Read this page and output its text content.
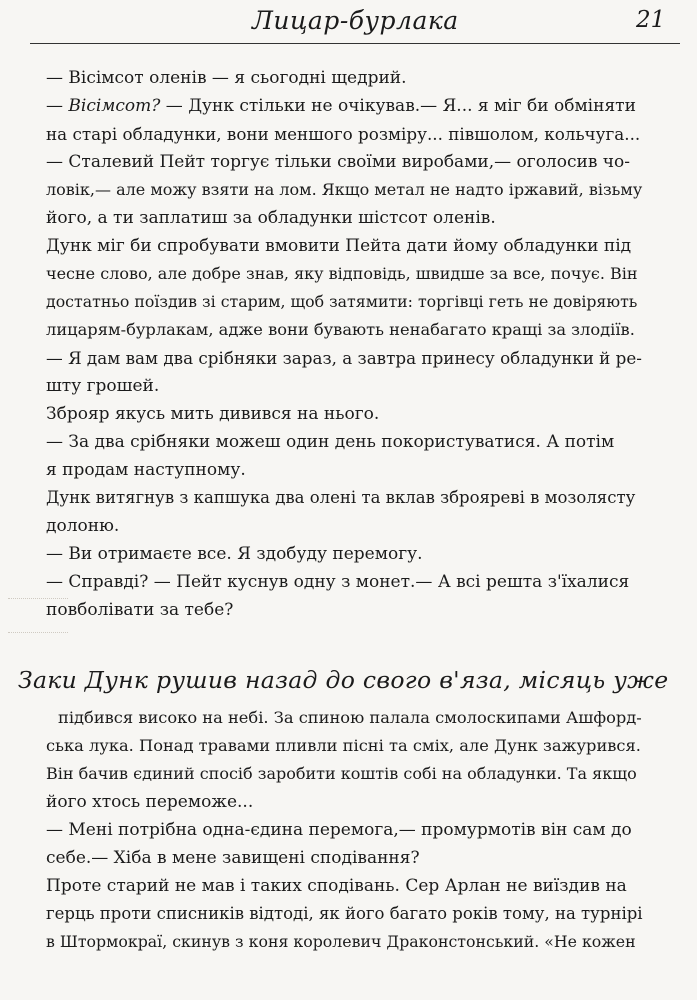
Лицар-бурлака	21
— Вісімсот оленів — я сьогодні щедрий.
— Вісімсот? — Дунк стільки не очікував.— Я... я міг би обміняти
на старі обладунки, вони меншого розміру... півшолом, кольчуга...
— Сталевий Пейт торгує тільки своїми виробами,— оголосив чо-
ловік,— але можу взяти на лом. Якщо метал не надто іржавий, візьму
його, а ти заплатиш за обладунки шістсот оленів.
Дунк міг би спробувати вмовити Пейта дати йому обладунки під
чесне слово, але добре знав, яку відповідь, швидше за все, почує. Він
достатньо поїздив зі старим, щоб затямити: торгівці геть не довіряють
лицарям-бурлакам, адже вони бувають ненабагато кращі за злодіїв.
— Я дам вам два срібняки зараз, а завтра принесу обладунки й ре-
шту грошей.
Зброяр якусь мить дивився на нього.
— За два срібняки можеш один день покористуватися. А потім
я продам наступному.
Дунк витягнув з капшука два олені та вклав зброяреві в мозолясту
долоню.
— Ви отримаєте все. Я здобуду перемогу.
— Справді? — Пейт куснув одну з монет.— А всі решта з'їхалися
повболівати за тебе?
Заки Дунк рушив назад до свого в'яза, місяць уже
підбився високо на небі. За спиною палала смолоскипами Ашфорд-
ська лука. Понад травами пливли пісні та сміх, але Дунк зажурився.
Він бачив єдиний спосіб заробити коштів собі на обладунки. Та якщо
його хтось переможе...
— Мені потрібна одна-єдина перемога,— промурмотів він сам до
себе.— Хіба в мене завищені сподівання?
Проте старий не мав і таких сподівань. Сер Арлан не виїздив на
герць проти списників відтоді, як його багато років тому, на турнірі
в Штормокраї, скинув з коня королевич Драконстонський. «Не кожен
